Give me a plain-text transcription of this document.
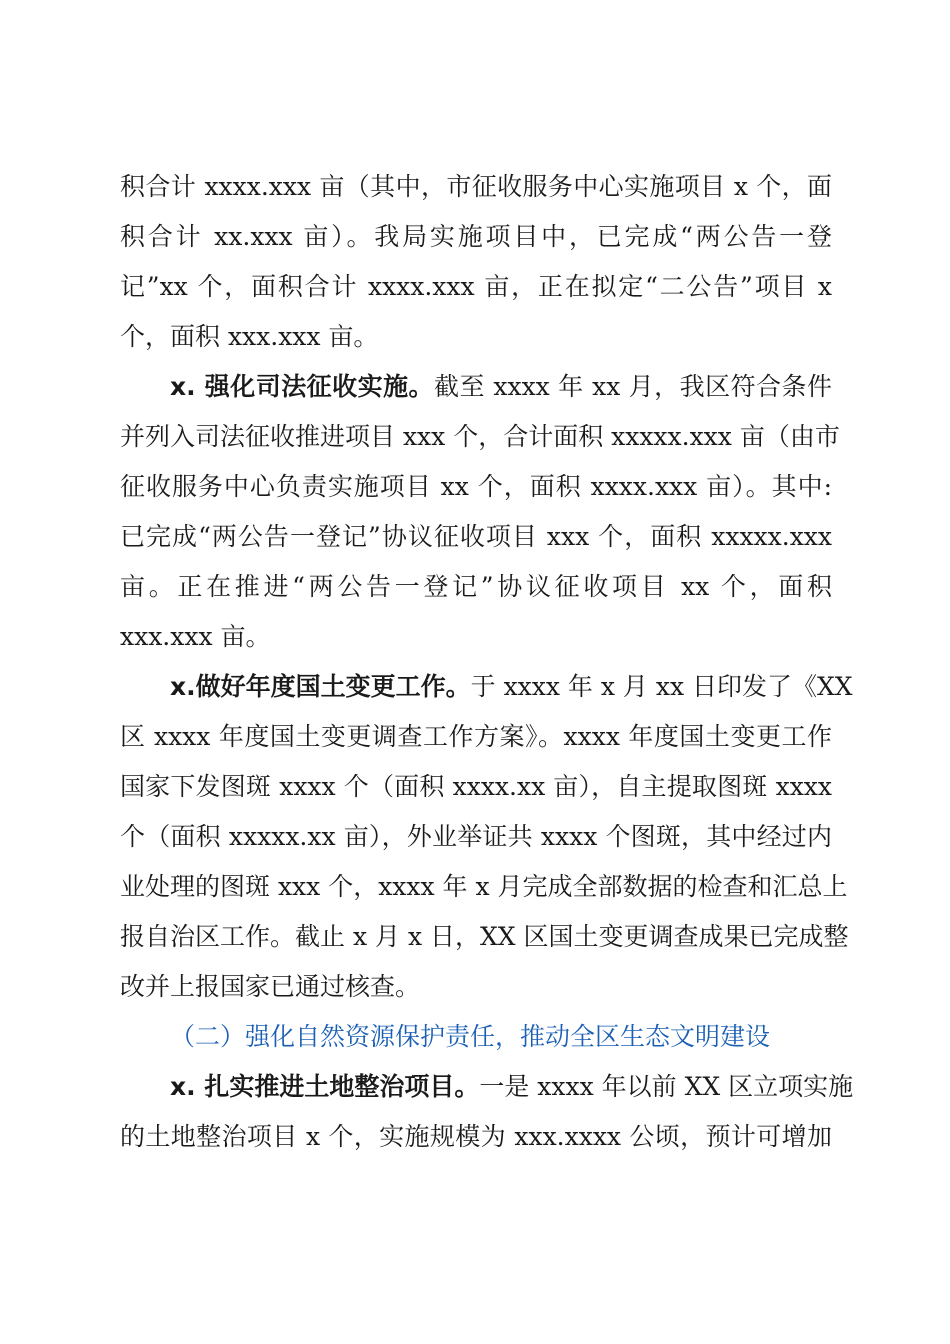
积合计 xxxx.xxx 亩（其中，市征收服务中心实施项目 x 个，面
积合计 xx.xxx 亩）。我局实施项目中，已完成“两公告一登
记”xx 个，面积合计 xxxx.xxx 亩，正在拟定“二公告”项目 x
个，面积 xxx.xxx 亩。
x. 强化司法征收实施。截至 xxxx 年 xx 月，我区符合条件
并列入司法征收推进项目 xxx 个，合计面积 xxxxx.xxx 亩（由市
征收服务中心负责实施项目 xx 个，面积 xxxx.xxx 亩）。其中:
已完成“两公告一登记”协议征收项目 xxx 个，面积 xxxxx.xxx
亩。正在推进“两公告一登记”协议征收项目 xx 个，面积
xxx.xxx 亩。
x.做好年度国土变更工作。于 xxxx 年 x 月 xx 日印发了《XX
区 xxxx 年度国土变更调查工作方案》。xxxx 年度国土变更工作
国家下发图斑 xxxx 个（面积 xxxx.xx 亩），自主提取图斑 xxxx
个（面积 xxxxx.xx 亩），外业举证共 xxxx 个图斑，其中经过内
业处理的图斑 xxx 个，xxxx 年 x 月完成全部数据的检查和汇总上
报自治区工作。截止 x 月 x 日，XX 区国土变更调查成果已完成整
改并上报国家已通过核查。
（二）强化自然资源保护责任，推动全区生态文明建设
x. 扎实推进土地整治项目。一是 xxxx 年以前 XX 区立项实施
的土地整治项目 x 个，实施规模为 xxx.xxxx 公顷，预计可增加
